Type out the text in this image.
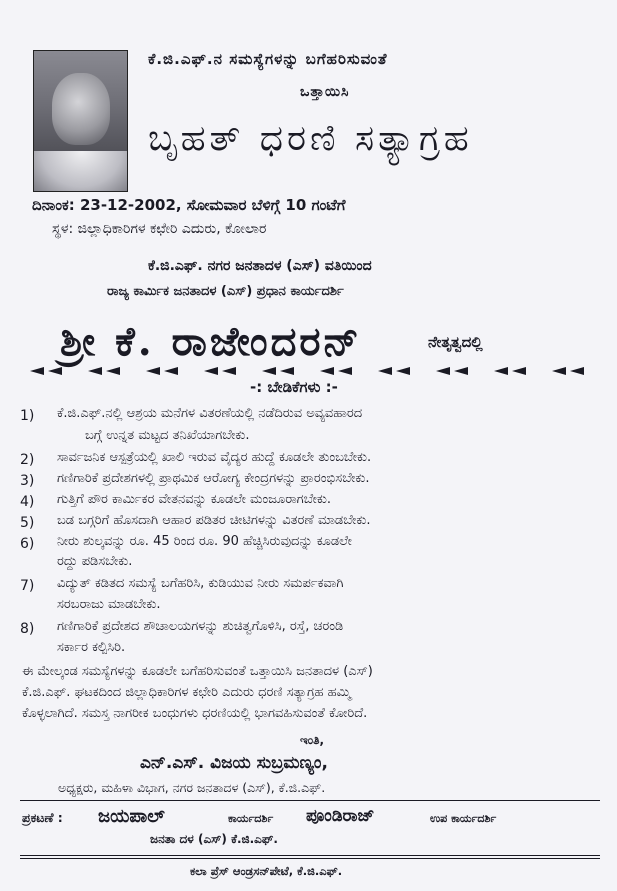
ಕೆ.ಜಿ.ಎಫ್.ನ ಸಮಸ್ಯೆಗಳನ್ನು ಬಗೆಹರಿಸುವಂತೆ
ಒತ್ತಾಯಿಸಿ
ಬೃಹತ್ ಧರಣಿ ಸತ್ಯಾಗ್ರಹ
ದಿನಾಂಕ: 23-12-2002, ಸೋಮವಾರ ಬೆಳಿಗ್ಗೆ 10 ಗಂಟೆಗೆ
ಸ್ಥಳ: ಜಿಲ್ಲಾಧಿಕಾರಿಗಳ ಕಛೇರಿ ಎದುರು, ಕೋಲಾರ
ಕೆ.ಜಿ.ಎಫ್. ನಗರ ಜನತಾದಳ (ಎಸ್) ವತಿಯಿಂದ
ರಾಜ್ಯ ಕಾರ್ಮಿಕ ಜನತಾದಳ (ಎಸ್) ಪ್ರಧಾನ ಕಾರ್ಯದರ್ಶಿ
ಶ್ರೀ ಕೆ. ರಾಜೇಂದರನ್	ನೇತೃತ್ವದಲ್ಲಿ
-: ಬೇಡಿಕೆಗಳು :-
1) ಕೆ.ಜಿ.ಎಫ್.ನಲ್ಲಿ ಆಶ್ರಯ ಮನೆಗಳ ವಿತರಣೆಯಲ್ಲಿ ನಡೆದಿರುವ ಅವ್ಯವಹಾರದ
ಬಗ್ಗೆ ಉನ್ನತ ಮಟ್ಟದ ತನಿಖೆಯಾಗಬೇಕು.
2) ಸಾರ್ವಜನಿಕ ಆಸ್ಪತ್ರೆಯಲ್ಲಿ ಖಾಲಿ ಇರುವ ವೈದ್ಯರ ಹುದ್ದೆ ಕೂಡಲೇ ತುಂಬಬೇಕು.
3) ಗಣಿಗಾರಿಕೆ ಪ್ರದೇಶಗಳಲ್ಲಿ ಪ್ರಾಥಮಿಕ ಆರೋಗ್ಯ ಕೇಂದ್ರಗಳನ್ನು ಪ್ರಾರಂಭಿಸಬೇಕು.
4) ಗುತ್ತಿಗೆ ಪೌರ ಕಾರ್ಮಿಕರ ವೇತನವನ್ನು ಕೂಡಲೇ ಮಂಜೂರಾಗಬೇಕು.
5) ಬಡ ಬಗ್ಗರಿಗೆ ಹೊಸದಾಗಿ ಆಹಾರ ಪಡಿತರ ಚೀಟಿಗಳನ್ನು ವಿತರಣೆ ಮಾಡಬೇಕು.
6) ನೀರು ಶುಲ್ಕವನ್ನು ರೂ. 45 ರಿಂದ ರೂ. 90 ಹೆಚ್ಚಿಸಿರುವುದನ್ನು ಕೂಡಲೇ
ರದ್ದು ಪಡಿಸಬೇಕು.
7) ವಿದ್ಯುತ್ ಕಡಿತದ ಸಮಸ್ಯೆ ಬಗೆಹರಿಸಿ, ಕುಡಿಯುವ ನೀರು ಸಮರ್ಪಕವಾಗಿ
ಸರಬರಾಜು ಮಾಡಬೇಕು.
8) ಗಣಿಗಾರಿಕೆ ಪ್ರದೇಶದ ಶೌಚಾಲಯಗಳನ್ನು ಶುಚಿತ್ವಗೊಳಿಸಿ, ರಸ್ತೆ, ಚರಂಡಿ
ಸರ್ಕಾರ ಕಲ್ಪಿಸಿರಿ.
ಈ ಮೇಲ್ಕಂಡ ಸಮಸ್ಯೆಗಳನ್ನು ಕೂಡಲೇ ಬಗೆಹರಿಸುವಂತೆ ಒತ್ತಾಯಿಸಿ ಜನತಾದಳ (ಎಸ್)
ಕೆ.ಜಿ.ಎಫ್. ಘಟಕದಿಂದ ಜಿಲ್ಲಾಧಿಕಾರಿಗಳ ಕಛೇರಿ ಎದುರು ಧರಣಿ ಸತ್ಯಾಗ್ರಹ ಹಮ್ಮಿ
ಕೊಳ್ಳಲಾಗಿದೆ. ಸಮಸ್ತ ನಾಗರೀಕ ಬಂಧುಗಳು ಧರಣಿಯಲ್ಲಿ ಭಾಗವಹಿಸುವಂತೆ ಕೋರಿದೆ.
ಇಂತಿ,
ಎನ್.ಎಸ್. ವಿಜಯ ಸುಬ್ರಮಣ್ಯಂ,
ಅಧ್ಯಕ್ಷರು, ಮಹಿಳಾ ವಿಭಾಗ, ನಗರ ಜನತಾದಳ (ಎಸ್), ಕೆ.ಜಿ.ಎಫ್.
ಪ್ರಕಟಣೆ : ಜಯಪಾಲ್	ಕಾರ್ಯದರ್ಶಿ ಪೂಂಡಿರಾಜ್	ಉಪ ಕಾರ್ಯದರ್ಶಿ
ಜನತಾ ದಳ (ಎಸ್) ಕೆ.ಜಿ.ಎಫ್.
ಕಲಾ ಪ್ರೆಸ್ ಆಂಡ್ರಸನ್‌ಪೇಟೆ, ಕೆ.ಜಿ.ಎಫ್.
